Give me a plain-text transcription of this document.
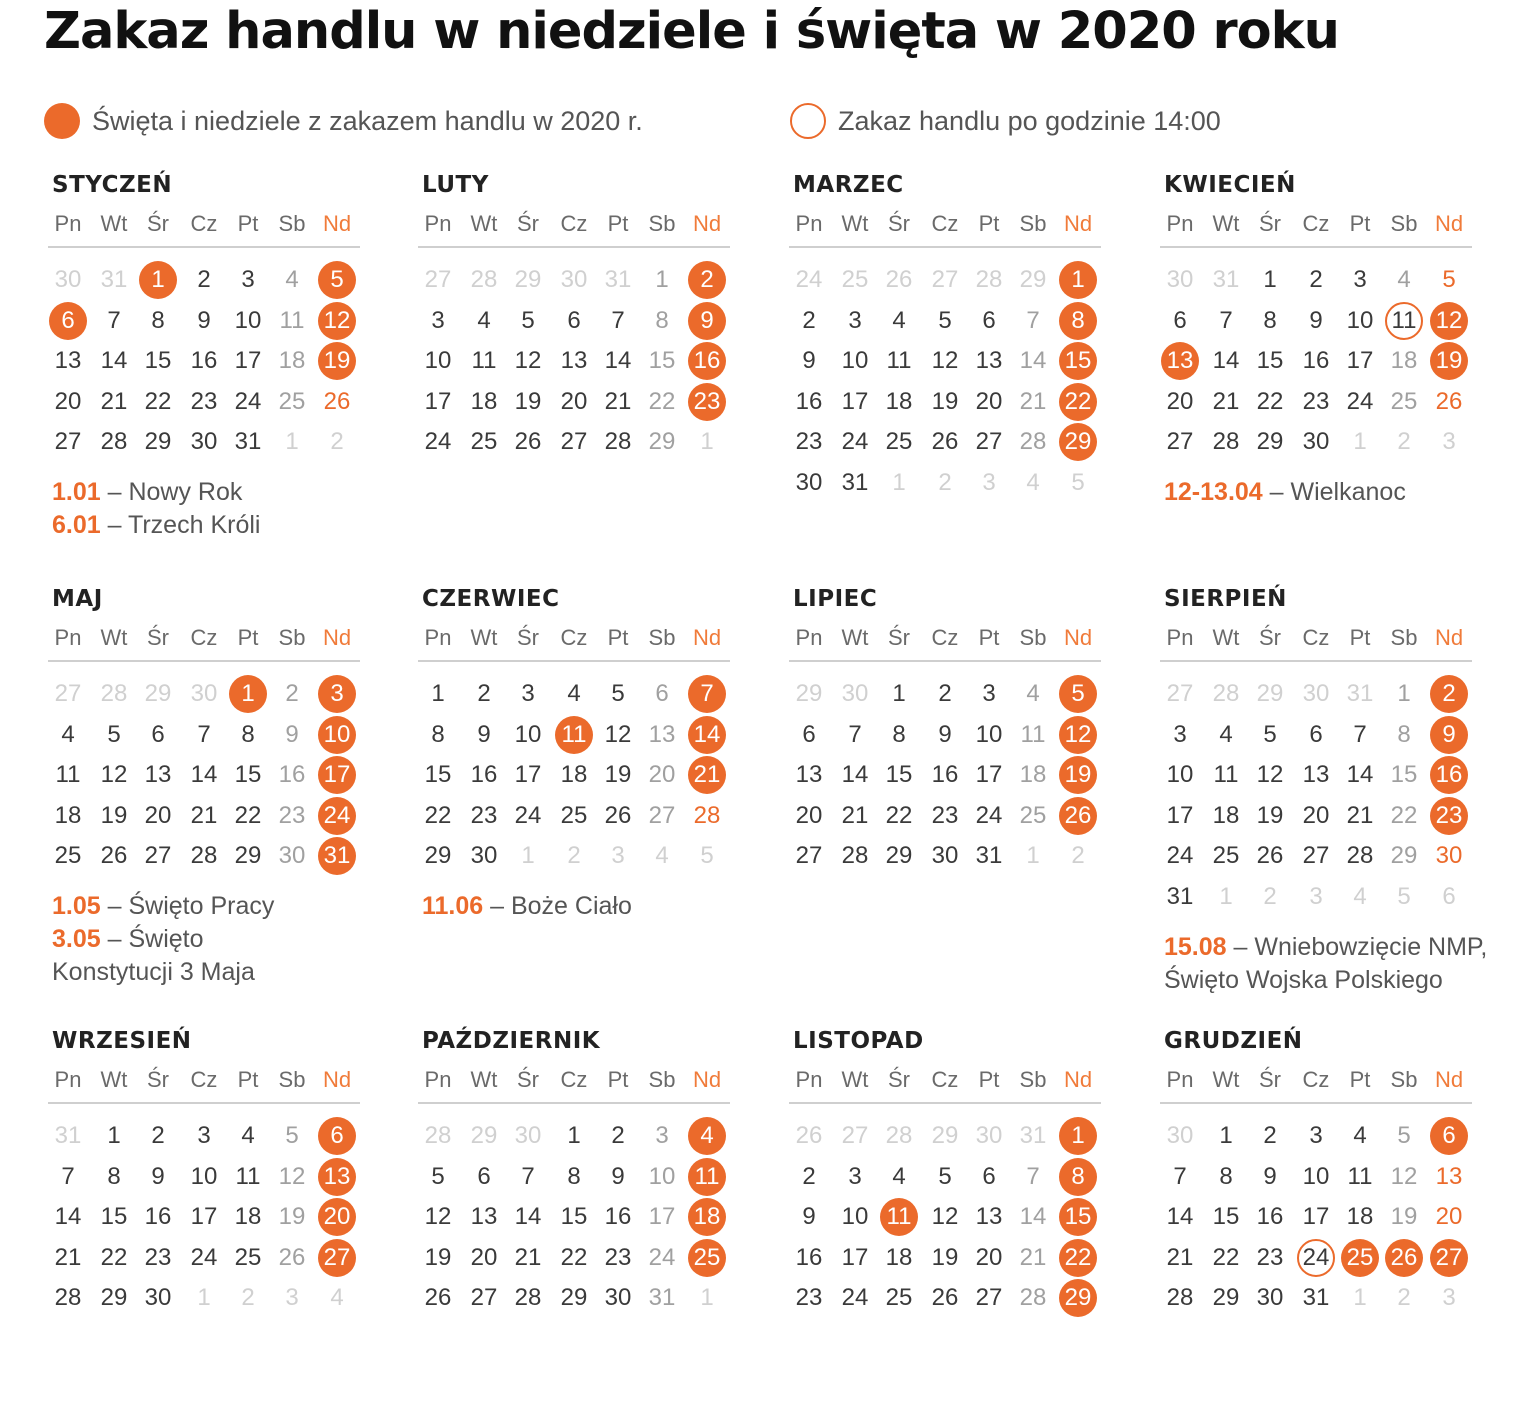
Zakaz handlu w niedziele i święta w 2020 roku
Święta i niedziele z zakazem handlu w 2020 r.	Zakaz handlu po godzinie 14:00
STYCZEŃ
Pn Wt Śr Cz Pt Sb Nd
30 31 1	2	3	4	5
6	7	8	9 10 11 12
13 14 15 16 17 18 19
20 21 22 23 24 25 26
27 28 29 30 31 1	2
1.01 – Nowy Rok
6.01 – Trzech Króli
LUTY
Pn Wt Śr Cz Pt Sb Nd
27 28 29 30 31 1	2
3	4	5	6	7	8	9
10 11 12 13 14 15 16
17 18 19 20 21 22 23
24 25 26 27 28 29	1
MARZEC
Pn Wt Śr Cz Pt Sb Nd
24 25 26 27 28 29	1
2	3	4	5	6	7	8
9	10 11 12 13 14 15
16 17 18 19 20 21 22
23 24 25 26 27 28 29
30 31 1	2	3	4	5
KWIECIEŃ
Pn Wt Śr Cz Pt Sb Nd
30 31 1	2	3	4	5
6	7	8	9 10 11 12
13 14 15 16 17 18 19
20 21 22 23 24 25 26
27 28 29 30 1	2	3
12-13.04 – Wielkanoc
MAJ
Pn Wt Śr Cz Pt Sb Nd
27 28 29 30 1	2	3
4	5	6	7	8	9	10
11 12 13 14 15 16 17
18 19 20 21 22 23 24
25 26 27 28 29 30 31
1.05 – Święto Pracy
3.05 – Święto
Konstytucji 3 Maja
CZERWIEC
Pn Wt Śr Cz Pt Sb Nd
1	2	3	4	5	6	7
8	9 10 11 12 13 14
15 16 17 18 19 20 21
22 23 24 25 26 27 28
29 30 1	2	3	4	5
11.06 – Boże Ciało
LIPIEC
Pn Wt Śr Cz Pt Sb Nd
29 30 1	2	3	4	5
6	7	8	9 10 11 12
13 14 15 16 17 18 19
20 21 22 23 24 25 26
27 28 29 30 31 1	2
SIERPIEŃ
Pn Wt Śr Cz Pt Sb Nd
27 28 29 30 31 1	2
3	4	5	6	7	8	9
10 11 12 13 14 15 16
17 18 19 20 21 22 23
24 25 26 27 28 29 30
31	1	2	3	4	5	6
15.08 – Wniebowzięcie NMP,
Święto Wojska Polskiego
WRZESIEŃ
Pn Wt Śr Cz Pt Sb Nd
31	1	2	3	4	5	6
7	8	9	10 11 12 13
14 15 16 17 18 19 20
21 22 23 24 25 26 27
28 29 30	1	2	3	4
PAŹDZIERNIK
Pn Wt Śr Cz Pt Sb Nd
28 29 30	1	2	3	4
5	6	7	8	9 10 11
12 13 14 15 16 17 18
19 20 21 22 23 24 25
26 27 28 29 30 31	1
LISTOPAD
Pn Wt Śr Cz Pt Sb Nd
26 27 28 29 30 31	1
2	3	4	5	6	7	8
9	10 11 12 13 14 15
16 17 18 19 20 21 22
23 24 25 26 27 28 29
GRUDZIEŃ
Pn Wt Śr Cz Pt Sb Nd
30	1	2	3	4	5	6
7	8	9	10 11 12 13
14 15 16 17 18 19 20
21 22 23 24 25 26 27
28 29 30 31 1	2	3
